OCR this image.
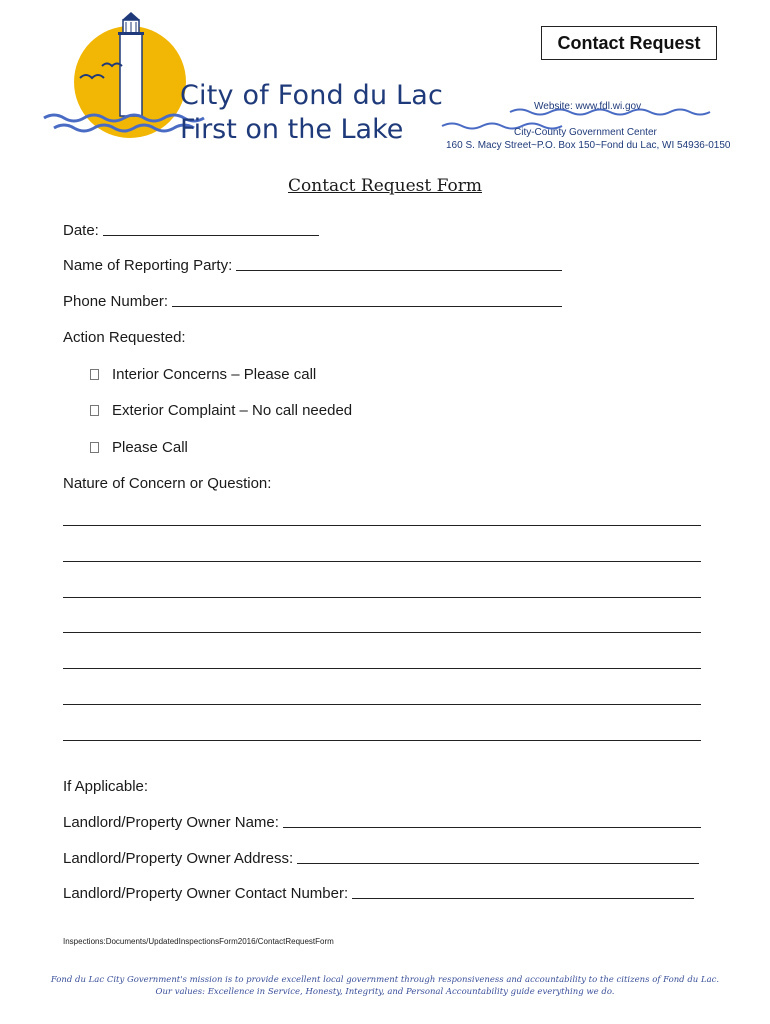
City of Fond du Lac
First on the Lake
Website: www.fdl.wi.gov
City-County Government Center
160 S. Macy Street~P.O. Box 150~Fond du Lac, WI 54936-0150
Contact Request
Contact Request Form
Date:
Name of Reporting Party:
Phone Number:
Action Requested:
Interior Concerns – Please call
Exterior Complaint – No call needed
Please Call
Nature of Concern or Question:
If Applicable:
Landlord/Property Owner Name:
Landlord/Property Owner Address:
Landlord/Property Owner Contact Number:
Inspections:Documents/UpdatedInspectionsForm2016/ContactRequestForm
Fond du Lac City Government's mission is to provide excellent local government through responsiveness and accountability to the citizens of Fond du Lac.
Our values: Excellence in Service, Honesty, Integrity, and Personal Accountability guide everything we do.
